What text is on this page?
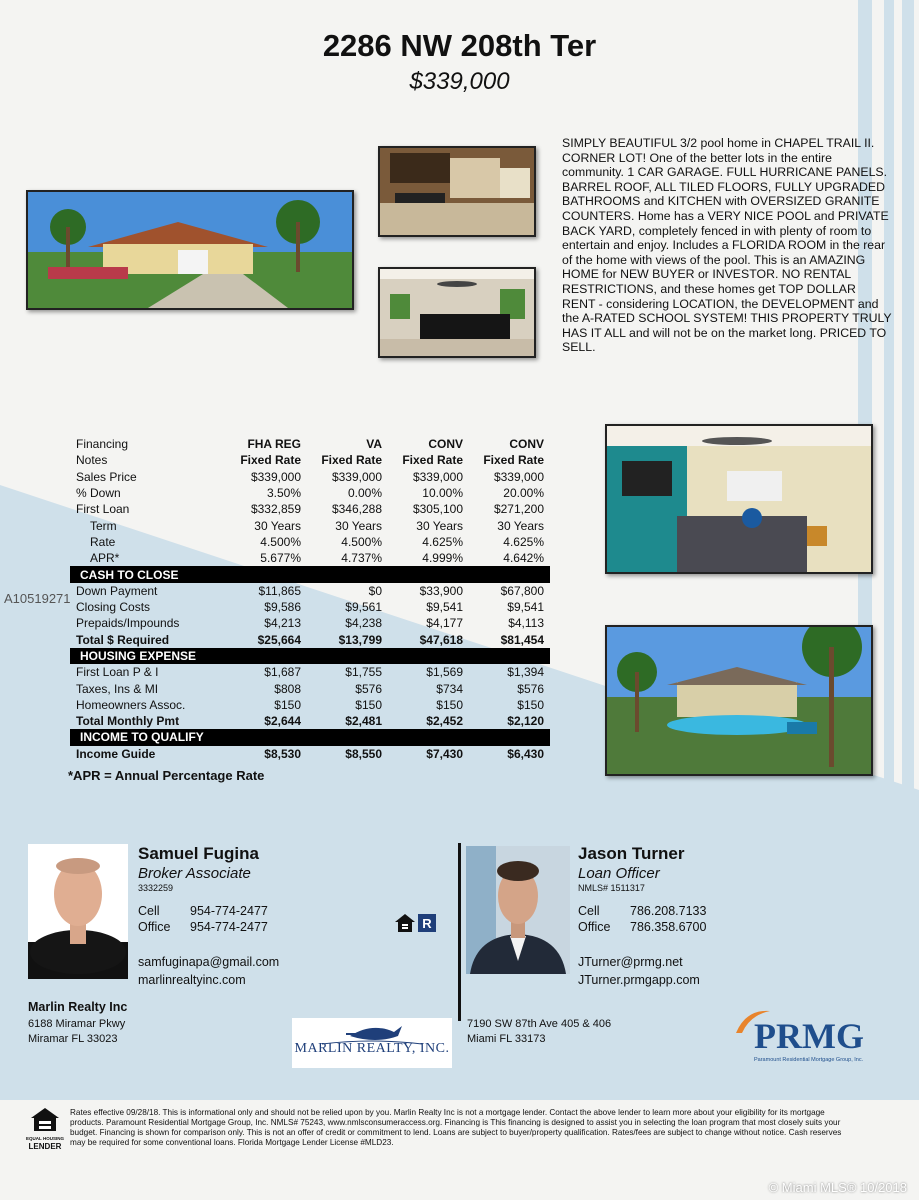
2286 NW 208th Ter
$339,000
SIMPLY BEAUTIFUL 3/2 pool home in CHAPEL TRAIL II. CORNER LOT! One of the better lots in the entire community. 1 CAR GARAGE. FULL HURRICANE PANELS. BARREL ROOF, ALL TILED FLOORS, FULLY UPGRADED BATHROOMS and KITCHEN with OVERSIZED GRANITE COUNTERS. Home has a VERY NICE POOL and PRIVATE BACK YARD, completely fenced in with plenty of room to entertain and enjoy. Includes a FLORIDA ROOM in the rear of the home with views of the pool. This is an AMAZING HOME for NEW BUYER or INVESTOR. NO RENTAL RESTRICTIONS, and these homes get TOP DOLLAR RENT - considering LOCATION, the DEVELOPMENT and the A-RATED SCHOOL SYSTEM! THIS PROPERTY TRULY HAS IT ALL and will not be on the market long. PRICED TO SELL.
A10519271
Financing	FHA REG	VA	CONV	CONV
Notes	Fixed Rate	Fixed Rate	Fixed Rate	Fixed Rate
Sales Price	$339,000	$339,000	$339,000	$339,000
% Down	3.50%	0.00%	10.00%	20.00%
First Loan	$332,859	$346,288	$305,100	$271,200
Term	30 Years	30 Years	30 Years	30 Years
Rate	4.500%	4.500%	4.625%	4.625%
APR*	5.677%	4.737%	4.999%	4.642%
CASH TO CLOSE				
Down Payment	$11,865	$0	$33,900	$67,800
Closing Costs	$9,586	$9,561	$9,541	$9,541
Prepaids/Impounds	$4,213	$4,238	$4,177	$4,113
Total $ Required	$25,664	$13,799	$47,618	$81,454
HOUSING EXPENSE				
First Loan P & I	$1,687	$1,755	$1,569	$1,394
Taxes, Ins & MI	$808	$576	$734	$576
Homeowners Assoc.	$150	$150	$150	$150
Total Monthly Pmt	$2,644	$2,481	$2,452	$2,120
INCOME TO QUALIFY				
Income Guide	$8,530	$8,550	$7,430	$6,430
*APR = Annual Percentage Rate
Samuel Fugina
Broker Associate
3332259
Cell 954-774-2477
Office 954-774-2477
samfuginapa@gmail.com
marlinrealtyinc.com
Marlin Realty Inc
6188 Miramar Pkwy
Miramar FL 33023
R
MARLIN REALTY, INC.
Jason Turner
Loan Officer
NMLS# 1511317
Cell 786.208.7133
Office 786.358.6700
JTurner@prmg.net
JTurner.prmgapp.com
7190 SW 87th Ave 405 & 406
Miami FL 33173	PRMG
Paramount Residential Mortgage Group, Inc.
EQUAL HOUSING
LENDER
Rates effective 09/28/18. This is informational only and should not be relied upon by you. Marlin Realty Inc is not a mortgage lender. Contact the above lender to learn more about your eligibility for its mortgage products. Paramount Residential Mortgage Group, Inc. NMLS# 75243, www.nmlsconsumeraccess.org. Financing is This financing is designed to assist you in selecting the loan program that most closely suits your budget. Financing is shown for comparison only. This is not an offer of credit or commitment to lend. Loans are subject to buyer/property qualification. Rates/fees are subject to change without notice. Cash reserves may be required for some conventional loans. Florida Mortgage Lender License #MLD23.
© Miami MLS® 10/2018
